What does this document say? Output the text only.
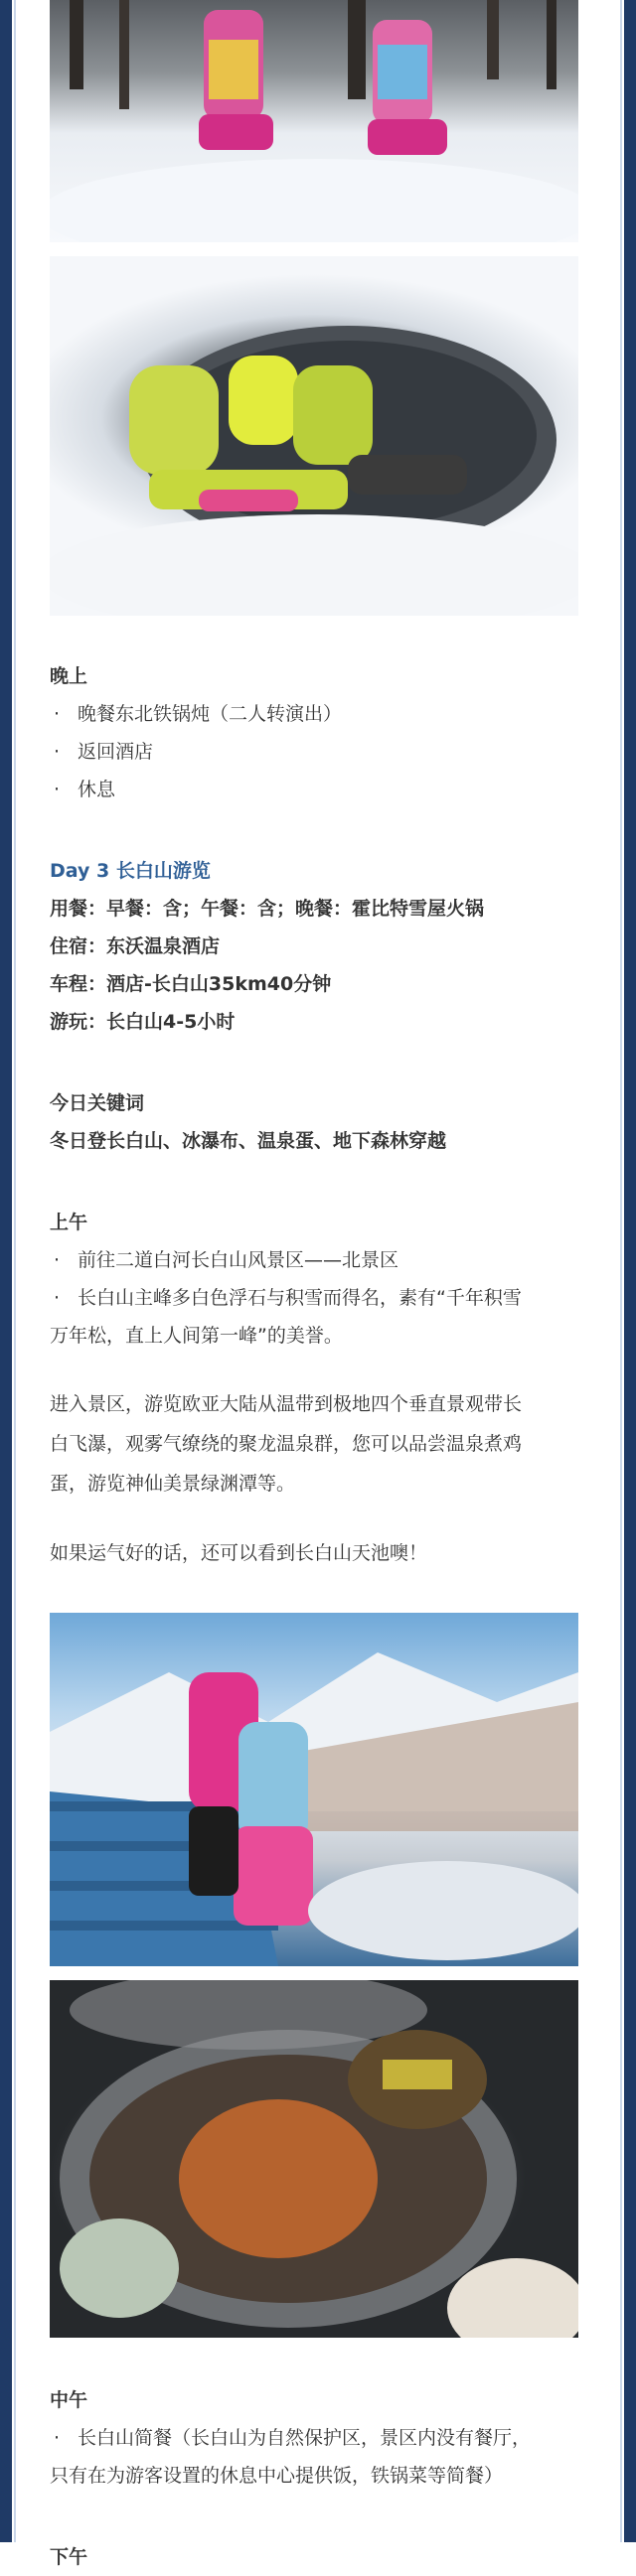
晚上

· 晚餐东北铁锅炖（二人转演出）

· 返回酒店

· 休息

Day 3 长白山游览

用餐：早餐：含；午餐：含；晚餐：霍比特雪屋火锅

住宿：东沃温泉酒店

车程：酒店-长白山35km40分钟

游玩：长白山4-5小时

今日关键词

冬日登长白山、冰瀑布、温泉蛋、地下森林穿越

上午

· 前往二道白河长白山风景区——北景区
· 长白山主峰多白色浮石与积雪而得名，素有“千年积雪

万年松，直上人间第一峰”的美誉。

进入景区，游览欧亚大陆从温带到极地四个垂直景观带长

白飞瀑，观雾气缭绕的聚龙温泉群，您可以品尝温泉煮鸡

蛋，游览神仙美景绿渊潭等。

如果运气好的话，还可以看到长白山天池噢！

中午

· 长白山简餐（长白山为自然保护区，景区内没有餐厅，

只有在为游客设置的休息中心提供饭，铁锅菜等简餐）

下午
